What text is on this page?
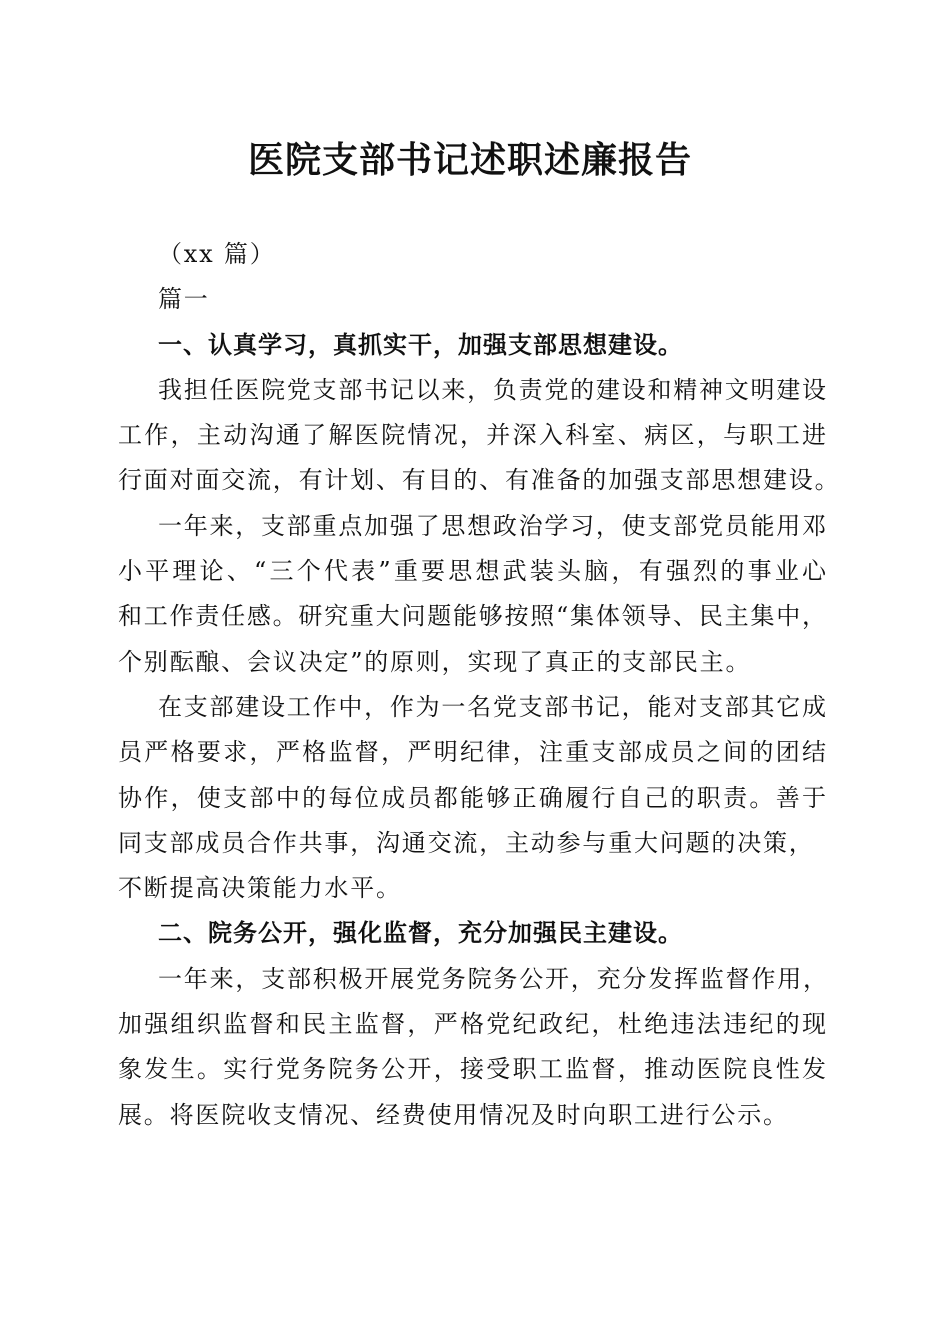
医院支部书记述职述廉报告

（xx 篇）

篇一

一、认真学习，真抓实干，加强支部思想建设。

我担任医院党支部书记以来，负责党的建设和精神文明建设

工作，主动沟通了解医院情况，并深入科室、病区，与职工进

行面对面交流，有计划、有目的、有准备的加强支部思想建设。

一年来，支部重点加强了思想政治学习，使支部党员能用邓

小平理论、“三个代表”重要思想武装头脑，有强烈的事业心

和工作责任感。研究重大问题能够按照“集体领导、民主集中，

个别酝酿、会议决定”的原则，实现了真正的支部民主。

在支部建设工作中，作为一名党支部书记，能对支部其它成

员严格要求，严格监督，严明纪律，注重支部成员之间的团结

协作，使支部中的每位成员都能够正确履行自己的职责。善于

同支部成员合作共事，沟通交流，主动参与重大问题的决策，

不断提高决策能力水平。

二、院务公开，强化监督，充分加强民主建设。

一年来，支部积极开展党务院务公开，充分发挥监督作用，

加强组织监督和民主监督，严格党纪政纪，杜绝违法违纪的现

象发生。实行党务院务公开，接受职工监督，推动医院良性发

展。将医院收支情况、经费使用情况及时向职工进行公示。
